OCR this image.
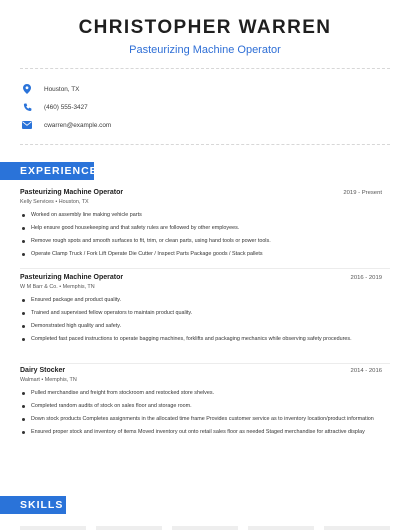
CHRISTOPHER WARREN
Pasteurizing Machine Operator
Houston, TX
(460) 555-3427
cwarren@example.com
EXPERIENCE
Pasteurizing Machine Operator	2019 - Present
Kelly Services • Houston, TX
Worked on assembly line making vehicle parts
Help ensure good housekeeping and that safety rules are followed by other employees.
Remove rough spots and smooth surfaces to fit, trim, or clean parts, using hand tools or power tools.
Operate Clamp Truck / Fork Lift Operate Die Cutter / Inspect Parts Package goods / Stack pallets
Pasteurizing Machine Operator	2016 - 2019
W M Barr & Co. • Memphis, TN
Ensured package and product quality.
Trained and supervised fellow operators to maintain product quality.
Demonstrated high quality and safety.
Completed fast paced instructions to operate bagging machines, forklifts and packaging mechanics while observing safety procedures.
Dairy Stocker	2014 - 2016
Walmart • Memphis, TN
Pulled merchandise and freight from stockroom and restocked store shelves.
Completed random audits of stock on sales floor and storage room.
Down stock products Completes assignments in the allocated time frame Provides customer service as to inventory location/product information
Ensured proper stock and inventory of items Moved inventory out onto retail sales floor as needed Staged merchandise for attractive display
SKILLS
